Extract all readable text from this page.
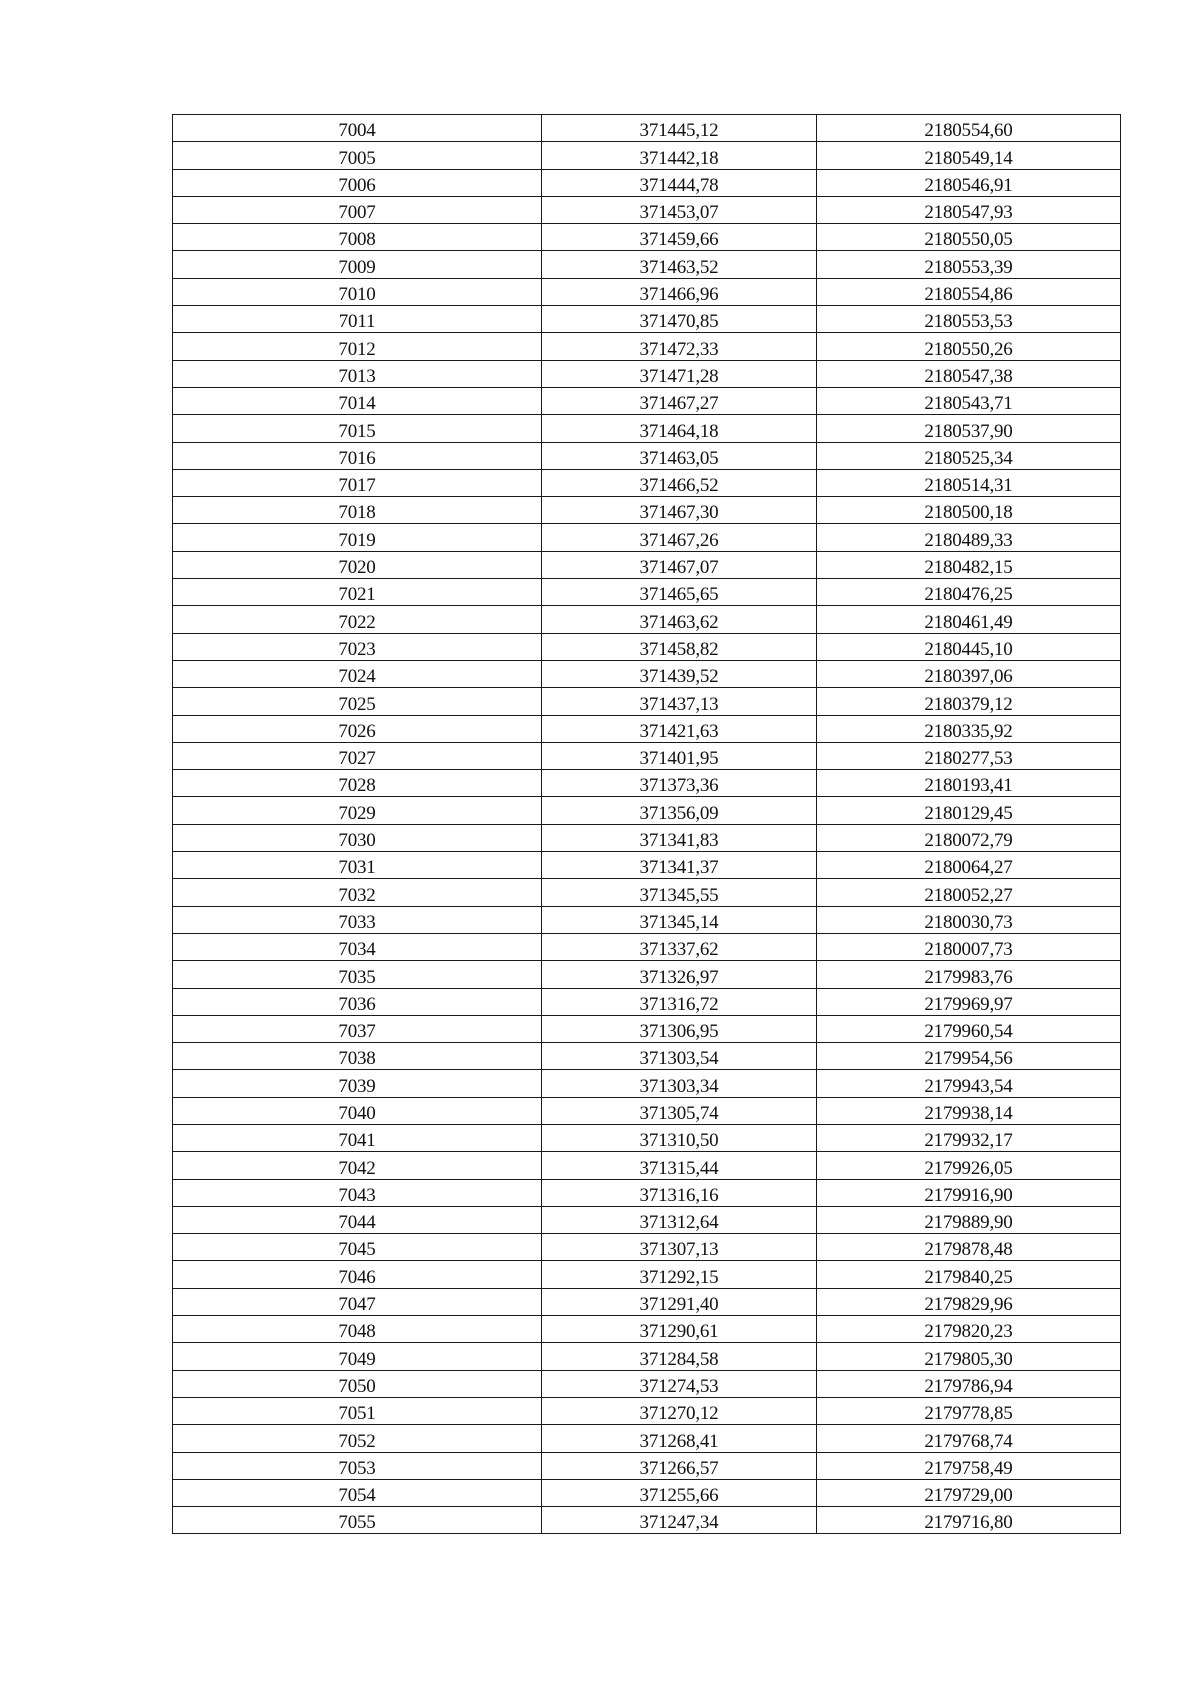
7004	371445,12	2180554,60
7005	371442,18	2180549,14
7006	371444,78	2180546,91
7007	371453,07	2180547,93
7008	371459,66	2180550,05
7009	371463,52	2180553,39
7010	371466,96	2180554,86
7011	371470,85	2180553,53
7012	371472,33	2180550,26
7013	371471,28	2180547,38
7014	371467,27	2180543,71
7015	371464,18	2180537,90
7016	371463,05	2180525,34
7017	371466,52	2180514,31
7018	371467,30	2180500,18
7019	371467,26	2180489,33
7020	371467,07	2180482,15
7021	371465,65	2180476,25
7022	371463,62	2180461,49
7023	371458,82	2180445,10
7024	371439,52	2180397,06
7025	371437,13	2180379,12
7026	371421,63	2180335,92
7027	371401,95	2180277,53
7028	371373,36	2180193,41
7029	371356,09	2180129,45
7030	371341,83	2180072,79
7031	371341,37	2180064,27
7032	371345,55	2180052,27
7033	371345,14	2180030,73
7034	371337,62	2180007,73
7035	371326,97	2179983,76
7036	371316,72	2179969,97
7037	371306,95	2179960,54
7038	371303,54	2179954,56
7039	371303,34	2179943,54
7040	371305,74	2179938,14
7041	371310,50	2179932,17
7042	371315,44	2179926,05
7043	371316,16	2179916,90
7044	371312,64	2179889,90
7045	371307,13	2179878,48
7046	371292,15	2179840,25
7047	371291,40	2179829,96
7048	371290,61	2179820,23
7049	371284,58	2179805,30
7050	371274,53	2179786,94
7051	371270,12	2179778,85
7052	371268,41	2179768,74
7053	371266,57	2179758,49
7054	371255,66	2179729,00
7055	371247,34	2179716,80
